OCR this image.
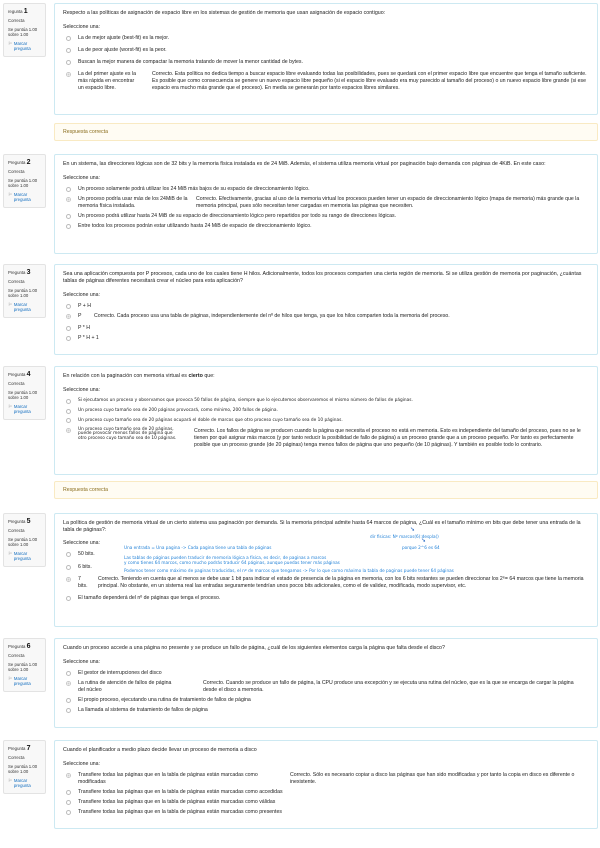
regunta 1
Correcta
Se puntúa 1.00
sobre 1.00
⚐ Marcar pregunta
Respecto a las políticas de asignación de espacio libre en los sistemas de gestión de memoria que usan asignación de espacio contiguo:
Seleccione una:
La de mejor ajuste (best-fit) es la mejor.
La de peor ajuste (worst-fit) es la peor.
Buscan la mejor manera de compactar la memoria tratando de mover la menor cantidad de bytes.
La del primer ajuste es la más rápida en encontrar un espacio libre.
Correcto. Esta política no dedica tiempo a buscar espacio libre evaluando todas las posibilidades, pues se quedará con el primer espacio libre que encuentre que tenga el tamaño suficiente. Es posible que como consecuencia se genere un nuevo espacio libre pequeño (si el espacio libre evaluado era muy parecido al tamaño del proceso) o un nuevo espacio libre grande (si ese espacio era mucho más grande que el proceso). En media se generarán por tanto espacios libres similares.
Respuesta correcta
Pregunta 2
Correcta
Se puntúa 1.00
sobre 1.00
⚐ Marcar pregunta
En un sistema, las direcciones lógicas son de 32 bits y la memoria física instalada es de 24 MiB. Además, el sistema utiliza memoria virtual por paginación bajo demanda con páginas de 4KiB. En este caso:
Seleccione una:
Un proceso solamente podrá utilizar los 24 MiB más bajos de su espacio de direccionamiento lógico.
Un proceso podría usar más de los 24MiB de la memoria física instalada.
Correcto. Efectivamente, gracias al uso de la memoria virtual los procesos pueden tener un espacio de direccionamiento lógico (mapa de memoria) más grande que la memoria principal, pues sólo necesitan tener cargadas en memoria las páginas que necesiten.
Un proceso podrá utilizar hasta 24 MiB de su espacio de direccionamiento lógico pero repartidos por todo su rango de direcciones lógicas.
Entre todos los procesos podrán estar utilizando hasta 24 MiB de espacio de direccionamiento lógico.
Pregunta 3
Correcta
Se puntúa 1.00
sobre 1.00
⚐ Marcar pregunta
Sea una aplicación compuesta por P procesos, cada uno de los cuales tiene H hilos. Adicionalmente, todos los procesos comparten una cierta región de memoria. Si se utiliza gestión de memoria por paginación, ¿cuántas tablas de páginas diferentes necesitará crear el núcleo para esta aplicación?
Seleccione una:
P + H
P	Correcto. Cada proceso usa una tabla de páginas, independientemente del nº de hilos que tenga, ya que los hilos comparten toda la memoria del proceso.
P * H
P * H + 1
Pregunta 4
Correcta
Se puntúa 1.00
sobre 1.00
⚐ Marcar pregunta
En relación con la paginación con memoria virtual es cierto que:
Seleccione una:
Si ejecutamos un proceso y observamos que provoca 50 fallos de página, siempre que lo ejecutemos observaremos el mismo número de fallos de páginas.
Un proceso cuyo tamaño sea de 200 páginas provocará, como mínimo, 200 fallos de página.
Un proceso cuyo tamaño sea de 20 páginas ocupará el doble de marcos que otro proceso cuyo tamaño sea de 10 páginas.
Un proceso cuyo tamaño sea de 20 páginas, puede provocar menos fallos de página que otro proceso cuyo tamaño sea de 10 páginas.
Correcto. Los fallos de página se producen cuando la página que necesita el proceso no está en memoria. Esto es independiente del tamaño del proceso, pues no se le tienen por qué asignar más marcos (y por tanto reducir la posibilidad de fallo de página) a un proceso grande que a un proceso pequeño. Por tanto es perfectamente posible que un proceso grande (de 20 páginas) tenga menos fallos de página que uno pequeño (de 10 páginas). Y también es posible todo lo contrario.
Respuesta correcta
Pregunta 5
Correcta
Se puntúa 1.00
sobre 1.00
⚐ Marcar pregunta
La política de gestión de memoria virtual de un cierto sistema usa paginación por demanda. Si la memoria principal admite hasta 64 marcos de página, ¿Cuál es el tamaño mínimo en bits que debe tener una entrada de la tabla de páginas?:
Seleccione una:
50 bits.
6 bits.
7 bits.
Correcto. Teniendo en cuenta que al menos se debe usar 1 bit para indicar el estado de presencia de la página en memoria, con los 6 bits restantes se pueden direccionar los 2⁶= 64 marcos que tiene la memoria principal. No obstante, en un sistema real las entradas seguramente tendrían unos pocos bits adicionales, como el de validez, modificada, modo supervisor, etc.
El tamaño dependerá del nº de páginas que tenga el proceso.
Una entrada = Una pagina -> Cada pagina tiene una tabla de páginas
Las tablas de páginas pueden traducir de memoria lógica a física, es decir, de paginas a marcos
y como tienes 64 marcos, como mucho podrás traducir 64 páginas, aunque puedas tener más páginas
Podemos tener como máximo de paginas traducidas, el nº de marcos que tengamos -> Por lo que como máximo la tabla de paginas puede tener 64 páginas
➘
dir fisicas: Nº marcos(6):despla()
➘
porque 2^6 es 64
Pregunta 6
Correcta
Se puntúa 1.00
sobre 1.00
⚐ Marcar pregunta
Cuando un proceso accede a una página no presente y se produce un fallo de página, ¿cuál de los siguientes elementos carga la página que falta desde el disco?
Seleccione una:
El gestor de interrupciones del disco
La rutina de atención de fallos de página del núcleo
Correcto. Cuando se produce un fallo de página, la CPU produce una excepción y se ejecuta una rutina del núcleo, que es la que se encarga de cargar la página desde el disco a memoria.
El propio proceso, ejecutando una rutina de tratamiento de fallos de página
La llamada al sistema de tratamiento de fallos de página
Pregunta 7
Correcta
Se puntúa 1.00
sobre 1.00
⚐ Marcar pregunta
Cuando el planificador a medio plazo decide llevar un proceso de memoria a disco
Seleccione una:
Transfiere todas las páginas que en la tabla de páginas están marcadas como modificadas
Correcto. Sólo es necesario copiar a disco las páginas que han sido modificadas y por tanto la copia en disco es diferente o inexistente.
Transfiere todas las páginas que en la tabla de páginas están marcadas como accedidas
Transfiere todas las páginas que en la tabla de páginas están marcadas como válidas
Transfiere todas las páginas que en la tabla de páginas están marcadas como presentes
